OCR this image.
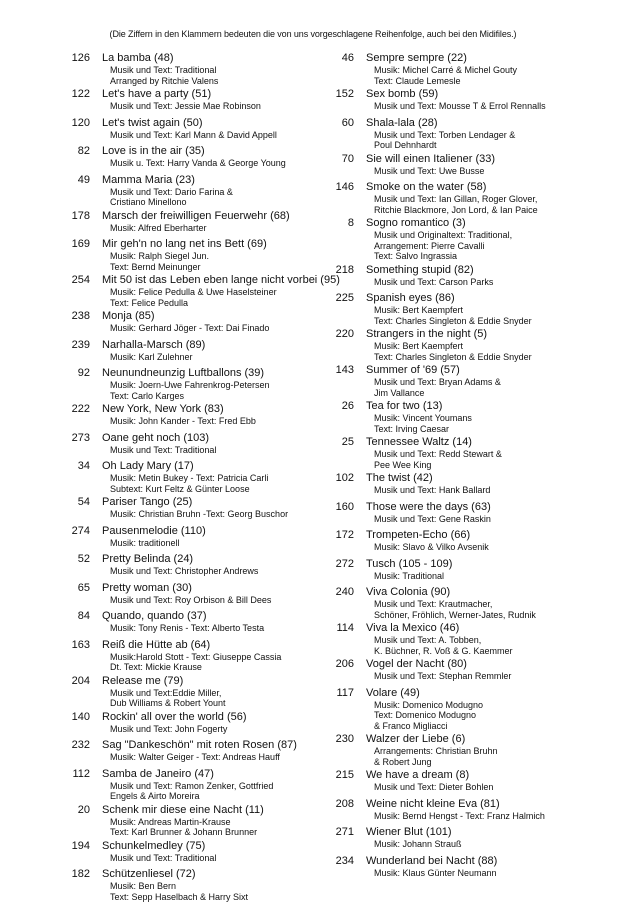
(Die Ziffern in den Klammern bedeuten die von uns vorgeschlagene Reihenfolge, auch bei den Midifiles.)
126 La bamba (48)
Musik und Text: Traditional
Arranged by Ritchie Valens
122 Let's have a party (51)
Musik und Text: Jessie Mae Robinson
120 Let's twist again (50)
Musik und Text: Karl Mann & David Appell
82 Love is in the air (35)
Musik u. Text: Harry Vanda & George Young
49 Mamma Maria (23)
Musik und Text: Dario Farina &
Cristiano Minellono
178 Marsch der freiwilligen Feuerwehr (68)
Musik: Alfred Eberharter
169 Mir geh'n no lang net ins Bett (69)
Musik: Ralph Siegel Jun.
Text: Bernd Meinunger
254 Mit 50 ist das Leben eben lange nicht vorbei (95)
Musik: Felice Pedulla & Uwe Haselsteiner
Text: Felice Pedulla
238 Monja (85)
Musik: Gerhard Jöger - Text: Dai Finado
239 Narhalla-Marsch (89)
Musik: Karl Zulehner
92 Neunundneunzig Luftballons (39)
Musik: Joern-Uwe Fahrenkrog-Petersen
Text: Carlo Karges
222 New York, New York (83)
Musik: John Kander - Text: Fred Ebb
273 Oane geht noch (103)
Musik und Text: Traditional
34 Oh Lady Mary (17)
Musik: Metin Bukey - Text: Patricia Carli
Subtext: Kurt Feltz & Günter Loose
54 Pariser Tango (25)
Musik: Christian Bruhn -Text: Georg Buschor
274 Pausenmelodie (110)
Musik: traditionell
52 Pretty Belinda (24)
Musik und Text: Christopher Andrews
65 Pretty woman (30)
Musik und Text: Roy Orbison & Bill Dees
84 Quando, quando (37)
Musik: Tony Renis - Text: Alberto Testa
163 Reiß die Hütte ab (64)
Musik:Harold Stott - Text: Giuseppe Cassia
Dt. Text: Mickie Krause
204 Release me (79)
Musik und Text:Eddie Miller,
Dub Williams & Robert Yount
140 Rockin' all over the world (56)
Musik und Text: John Fogerty
232 Sag "Dankeschön" mit roten Rosen (87)
Musik: Walter Geiger - Text: Andreas Hauff
112 Samba de Janeiro (47)
Musik und Text: Ramon Zenker, Gottfried
Engels & Airto Moreira
20 Schenk mir diese eine Nacht (11)
Musik: Andreas Martin-Krause
Text: Karl Brunner & Johann Brunner
194 Schunkelmedley (75)
Musik und Text: Traditional
182 Schützenliesel (72)
Musik: Ben Bern
Text: Sepp Haselbach & Harry Sixt
46 Sempre sempre (22)
Musik: Michel Carré & Michel Gouty
Text: Claude Lemesle
152 Sex bomb (59)
Musik und Text: Mousse T & Errol Rennalls
60 Shala-lala (28)
Musik und Text: Torben Lendager &
Poul Dehnhardt
70 Sie will einen Italiener (33)
Musik und Text: Uwe Busse
146 Smoke on the water (58)
Musik und Text: Ian Gillan, Roger Glover,
Ritchie Blackmore, Jon Lord, & Ian Paice
8 Sogno romantico (3)
Musik und Originaltext: Traditional,
Arrangement: Pierre Cavalli
Text: Salvo Ingrassia
218 Something stupid (82)
Musik und Text: Carson Parks
225 Spanish eyes (86)
Musik: Bert Kaempfert
Text: Charles Singleton & Eddie Snyder
220 Strangers in the night (5)
Musik: Bert Kaempfert
Text: Charles Singleton & Eddie Snyder
143 Summer of '69 (57)
Musik und Text: Bryan Adams &
Jim Vallance
26 Tea for two (13)
Musik: Vincent Youmans
Text: Irving Caesar
25 Tennessee Waltz (14)
Musik und Text: Redd Stewart &
Pee Wee King
102 The twist (42)
Musik und Text: Hank Ballard
160 Those were the days (63)
Musik und Text: Gene Raskin
172 Trompeten-Echo (66)
Musik: Slavo & Vilko Avsenik
272 Tusch (105 - 109)
Musik: Traditional
240 Viva Colonia (90)
Musik und Text: Krautmacher,
Schöner, Fröhlich, Werner-Jates, Rudnik
114 Viva la Mexico (46)
Musik und Text: A. Tobben,
K. Büchner, R. Voß & G. Kaemmer
206 Vogel der Nacht (80)
Musik und Text: Stephan Remmler
117 Volare (49)
Musik: Domenico Modugno
Text: Domenico Modugno
& Franco Migliacci
230 Walzer der Liebe (6)
Arrangements: Christian Bruhn
& Robert Jung
215 We have a dream (8)
Musik und Text: Dieter Bohlen
208 Weine nicht kleine Eva (81)
Musik: Bernd Hengst - Text: Franz Halmich
271 Wiener Blut (101)
Musik: Johann Strauß
234 Wunderland bei Nacht (88)
Musik: Klaus Günter Neumann
